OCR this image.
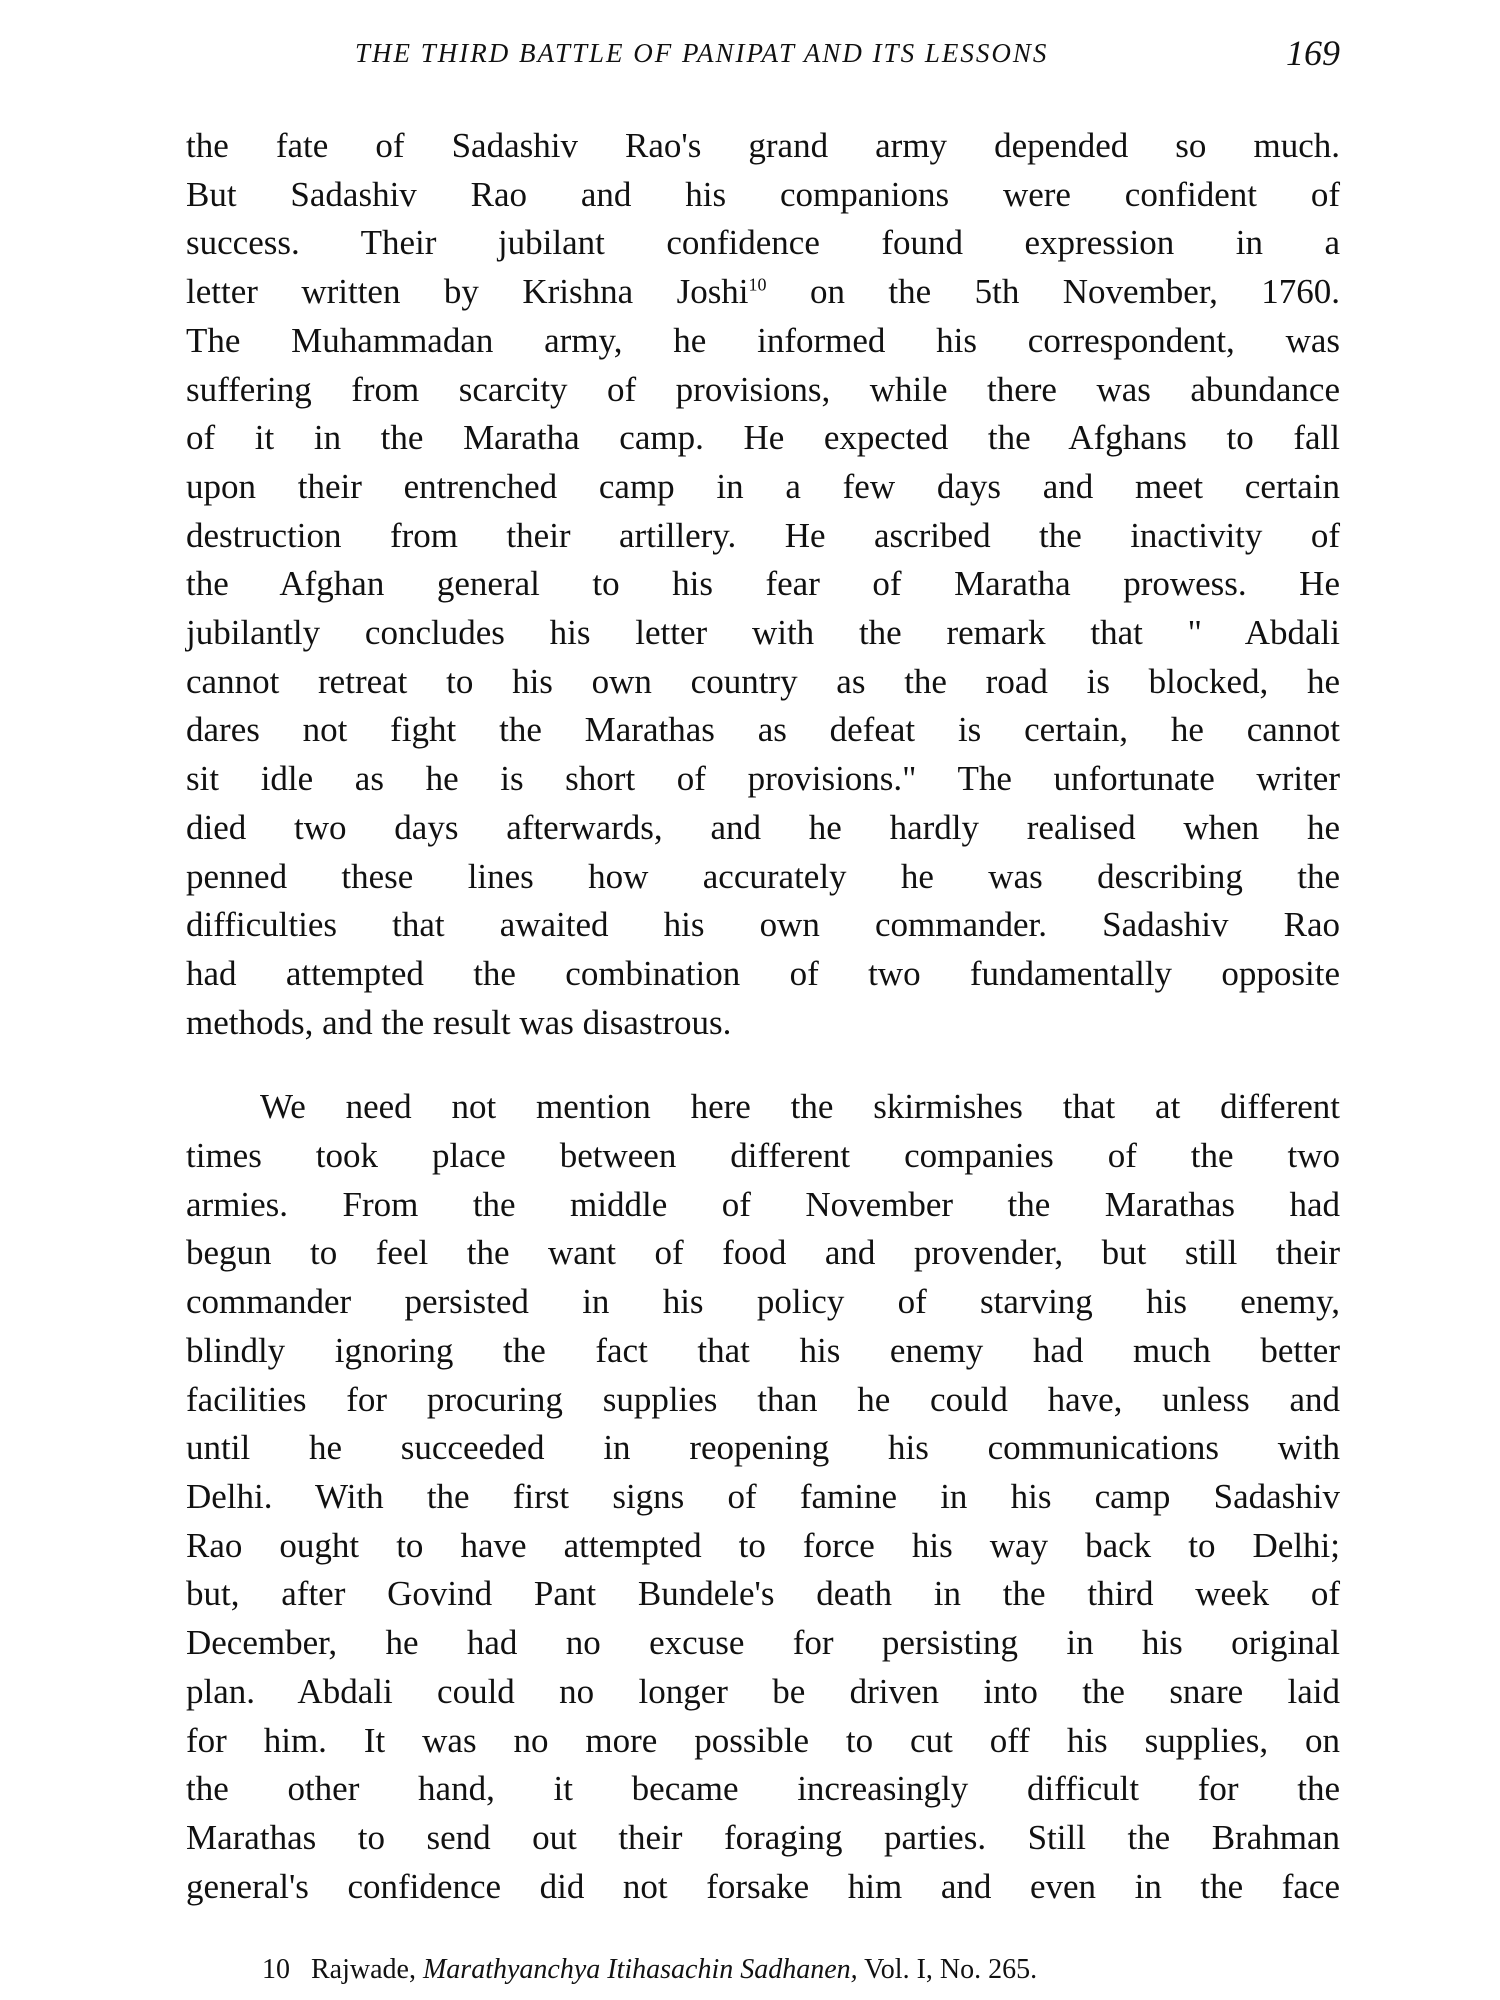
THE THIRD BATTLE OF PANIPAT AND ITS LESSONS	169

the fate of Sadashiv Rao's grand army depended so much.
But Sadashiv Rao and his companions were confident of
success. Their jubilant confidence found expression in a
letter written by Krishna Joshi$^{10}$ on the 5th November, 1760.
The Muhammadan army, he informed his correspondent, was
suffering from scarcity of provisions, while there was abundance
of it in the Maratha camp. He expected the Afghans to fall
upon their entrenched camp in a few days and meet certain
destruction from their artillery. He ascribed the inactivity of
the Afghan general to his fear of Maratha prowess. He
jubilantly concludes his letter with the remark that " Abdali
cannot retreat to his own country as the road is blocked, he
dares not fight the Marathas as defeat is certain, he cannot
sit idle as he is short of provisions." The unfortunate writer
died two days afterwards, and he hardly realised when he
penned these lines how accurately he was describing the
difficulties that awaited his own commander. Sadashiv Rao
had attempted the combination of two fundamentally opposite
methods, and the result was disastrous.

We need not mention here the skirmishes that at different
times took place between different companies of the two
armies. From the middle of November the Marathas had
begun to feel the want of food and provender, but still their
commander persisted in his policy of starving his enemy,
blindly ignoring the fact that his enemy had much better
facilities for procuring supplies than he could have, unless and
until he succeeded in reopening his communications with
Delhi. With the first signs of famine in his camp Sadashiv
Rao ought to have attempted to force his way back to Delhi;
but, after Govind Pant Bundele's death in the third week of
December, he had no excuse for persisting in his original
plan. Abdali could no longer be driven into the snare laid
for him. It was no more possible to cut off his supplies, on
the other hand, it became increasingly difficult for the
Marathas to send out their foraging parties. Still the Brahman
general's confidence did not forsake him and even in the face

10 Rajwade, Marathyanchya Itihasachin Sadhanen, Vol. I, No. 265.
